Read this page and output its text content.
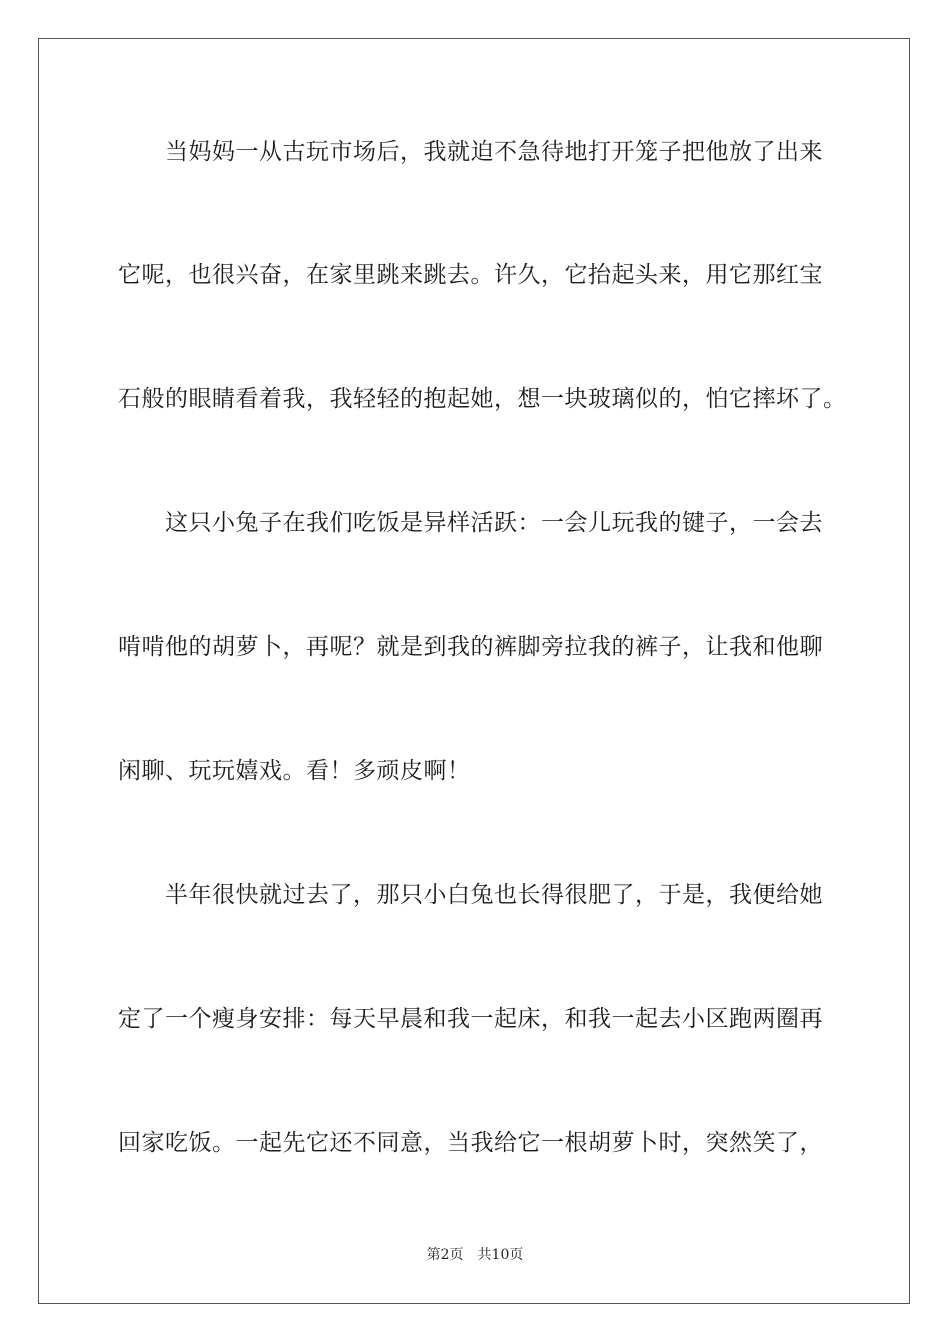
当妈妈一从古玩市场后，我就迫不急待地打开笼子把他放了出来
它呢，也很兴奋，在家里跳来跳去。许久，它抬起头来，用它那红宝
石般的眼睛看着我，我轻轻的抱起她，想一块玻璃似的，怕它摔坏了。
这只小兔子在我们吃饭是异样活跃：一会儿玩我的键子，一会去
啃啃他的胡萝卜，再呢？就是到我的裤脚旁拉我的裤子，让我和他聊
闲聊、玩玩嬉戏。看！多顽皮啊！
半年很快就过去了，那只小白兔也长得很肥了，于是，我便给她
定了一个瘦身安排：每天早晨和我一起床，和我一起去小区跑两圈再
回家吃饭。一起先它还不同意，当我给它一根胡萝卜时，突然笑了，
第2页 共10页
